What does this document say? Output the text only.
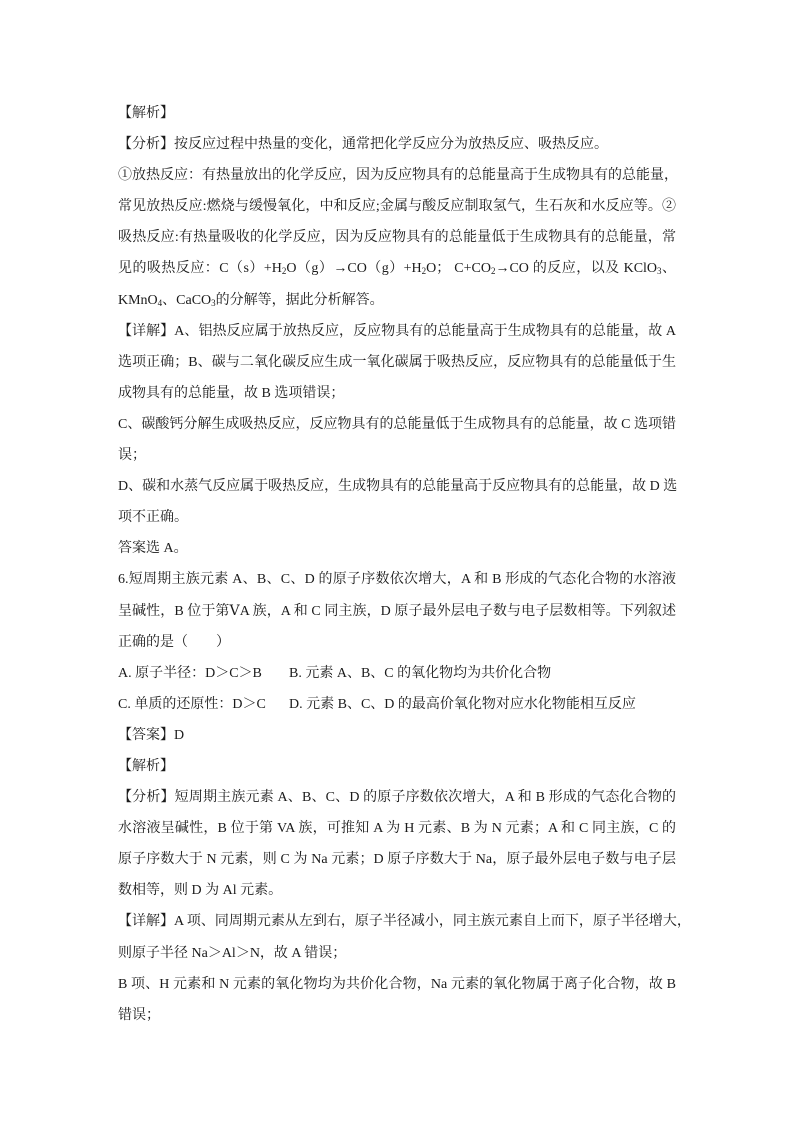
【解析】
【分析】按反应过程中热量的变化，通常把化学反应分为放热反应、吸热反应。
①放热反应：有热量放出的化学反应，因为反应物具有的总能量高于生成物具有的总能量，
常见放热反应:燃烧与缓慢氧化，中和反应;金属与酸反应制取氢气，生石灰和水反应等。②
吸热反应:有热量吸收的化学反应，因为反应物具有的总能量低于生成物具有的总能量，常
见的吸热反应：$C(s)+H_2O(g)\to CO(g)+H_2O$； $C+CO_2\to CO$ 的反应，以及 KClO$_3$、
KMnO$_4$、CaCO$_3$的分解等，据此分析解答。
【详解】A、铝热反应属于放热反应，反应物具有的总能量高于生成物具有的总能量，故 A
选项正确；B、碳与二氧化碳反应生成一氧化碳属于吸热反应，反应物具有的总能量低于生
成物具有的总能量，故 B 选项错误；
C、碳酸钙分解生成吸热反应，反应物具有的总能量低于生成物具有的总能量，故 C 选项错
误；
D、碳和水蒸气反应属于吸热反应，生成物具有的总能量高于反应物具有的总能量，故 D 选
项不正确。
答案选 A。
6.短周期主族元素 A、B、C、D 的原子序数依次增大，A 和 B 形成的气态化合物的水溶液
呈碱性，B 位于第ⅤA 族，A 和 C 同主族，D 原子最外层电子数与电子层数相等。下列叙述
正确的是（　　）
A. 原子半径：D＞C＞B B. 元素 A、B、C 的氧化物均为共价化合物
C. 单质的还原性：D＞C D. 元素 B、C、D 的最高价氧化物对应水化物能相互反应
【答案】D
【解析】
【分析】短周期主族元素 A、B、C、D 的原子序数依次增大，A 和 B 形成的气态化合物的
水溶液呈碱性，B 位于第 VA 族，可推知 A 为 H 元素、B 为 N 元素；A 和 C 同主族，C 的
原子序数大于 N 元素，则 C 为 Na 元素；D 原子序数大于 Na，原子最外层电子数与电子层
数相等，则 D 为 Al 元素。
【详解】A 项、同周期元素从左到右，原子半径减小，同主族元素自上而下，原子半径增大，
则原子半径 Na＞Al＞N，故 A 错误；
B 项、H 元素和 N 元素的氧化物均为共价化合物，Na 元素的氧化物属于离子化合物，故 B
错误；
